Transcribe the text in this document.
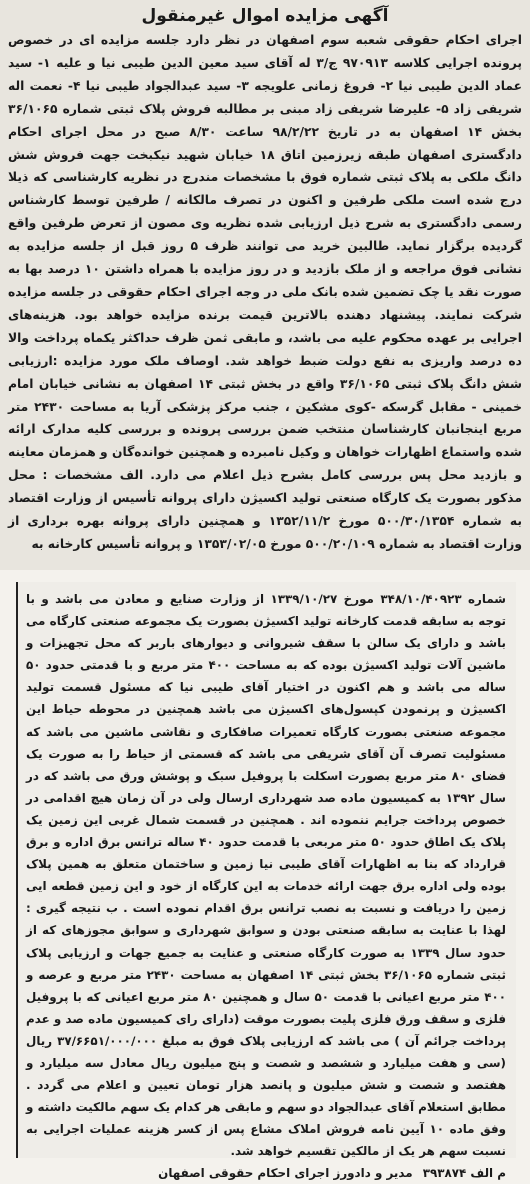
آگهی مزایده اموال غیرمنقول

اجرای احکام حقوقی شعبه سوم اصفهان در نظر دارد جلسه مزایده ای در خصوص پرونده اجرایی کلاسه ۹۷۰۹۱۳ ج/۳ له آقای سید معین الدین طیبی نیا و علیه ۱- سید عماد الدین طیبی نیا ۲- فروغ زمانی علویجه ۳- سید عبدالجواد طیبی نیا ۴- نعمت اله شریفی زاد ۵- علیرضا شریفی زاد مبنی بر مطالبه فروش پلاک ثبتی شماره ۳۶/۱۰۶۵ بخش ۱۴ اصفهان به در تاریخ ۹۸/۲/۲۲ ساعت ۸/۳۰ صبح در محل اجرای احکام دادگستری اصفهان طبقه زیرزمین اتاق ۱۸ خیابان شهید نیکبخت جهت فروش شش دانگ ملکی به پلاک ثبتی شماره فوق با مشخصات مندرج در نظریه کارشناسی که ذیلا درج شده است ملکی طرفین و اکنون در تصرف مالکانه / طرفین توسط کارشناس رسمی دادگستری به شرح ذیل ارزیابی شده نظریه وی مصون از تعرض طرفین واقع گردیده برگزار نماید. طالبین خرید می توانند ظرف ۵ روز قبل از جلسه مزایده به نشانی فوق مراجعه و از ملک بازدید و در روز مزایده با همراه داشتن ۱۰ درصد بها به صورت نقد یا چک تضمین شده بانک ملی در وجه اجرای احکام حقوقی در جلسه مزایده شرکت نمایند. پیشنهاد دهنده بالاترین قیمت برنده مزایده خواهد بود. هزینه‌های اجرایی بر عهده محکوم علیه می باشد، و مابقی ثمن ظرف حداکثر یکماه پرداخت والا ده درصد واریزی به نفع دولت ضبط خواهد شد. اوصاف ملک مورد مزایده :ارزیابی شش دانگ پلاک ثبتی ۳۶/۱۰۶۵ واقع در بخش ثبتی ۱۴ اصفهان به نشانی خیابان امام خمینی - مقابل گرسکه -کوی مشکین ، جنب مرکز پزشکی آریا به مساحت ۲۴۳۰ متر مربع اینجانبان کارشناسان منتخب ضمن بررسی پرونده و بررسی کلیه مدارک ارائه شده واستماع اظهارات خواهان و وکیل نامبرده و همچنین خوانده‌گان و همزمان معاینه و بازدید محل پس بررسی کامل بشرح ذیل اعلام می دارد. الف مشخصات : محل مذکور بصورت یک کارگاه صنعتی تولید اکسیژن دارای پروانه تأسیس از وزارت اقتصاد به شماره ۵۰۰/۳۰/۱۳۵۴ مورخ ۱۳۵۲/۱۱/۲ و همچنین دارای پروانه بهره برداری از وزارت اقتصاد به شماره ۵۰۰/۲۰/۱۰۹ مورخ ۱۳۵۳/۰۲/۰۵ و پروانه تأسیس کارخانه به

شماره ۳۴۸/۱۰/۴۰۹۲۳ مورخ ۱۳۳۹/۱۰/۲۷ از وزارت صنایع و معادن می باشد و با توجه به سابقه قدمت کارخانه تولید اکسیژن بصورت یک مجموعه صنعتی کارگاه می باشد و دارای یک سالن با سقف شیروانی و دیوارهای باربر که محل تجهیزات و ماشین آلات تولید اکسیژن بوده که به مساحت ۴۰۰ متر مربع و با قدمتی حدود ۵۰ ساله می باشد و هم اکنون در اختیار آقای طیبی نیا که مسئول قسمت تولید اکسیژن و پرنمودن کپسول‌های اکسیژن می باشد همچنین در محوطه حیاط این مجموعه صنعتی بصورت کارگاه تعمیرات صافکاری و نقاشی ماشین می باشد که مسئولیت تصرف آن آقای شریفی می باشد که قسمتی از حیاط را به صورت یک فضای ۸۰ متر مربع بصورت اسکلت با پروفیل سبک و پوشش ورق می باشد که در سال ۱۳۹۲ به کمیسیون ماده صد شهرداری ارسال ولی در آن زمان هیچ اقدامی در خصوص پرداخت جرایم ننموده اند . همچنین در قسمت شمال غربی این زمین یک پلاک یک اطاق حدود ۵۰ متر مربعی با قدمت حدود ۴۰ ساله ترانس برق اداره و برق قرارداد که بنا به اظهارات آقای طیبی نیا زمین و ساختمان متعلق به همین پلاک بوده ولی اداره برق جهت ارائه خدمات به این کارگاه از خود و این زمین قطعه ایی زمین را دریافت و نسبت به نصب ترانس برق اقدام نموده است . ب نتیجه گیری : لهذا با عنایت به سابقه صنعتی بودن و سوابق شهرداری و سوابق مجوزهای که از حدود سال ۱۳۳۹ به صورت کارگاه صنعتی و عنایت به جمیع جهات و ارزیابی پلاک ثبتی شماره ۳۶/۱۰۶۵ بخش ثبتی ۱۴ اصفهان به مساحت ۲۴۳۰ متر مربع و عرصه و ۴۰۰ متر مربع اعیانی با قدمت ۵۰ سال و همچنین ۸۰ متر مربع اعیانی که با پروفیل فلزی و سقف ورق فلزی پلیت بصورت موقت (دارای رای کمیسیون ماده صد و عدم پرداخت جرائم آن ) می باشد که ارزیابی پلاک فوق به مبلغ ۳۷/۶۶۵۱/۰۰۰/۰۰۰ ریال (سی و هفت میلیارد و ششصد و شصت و پنج میلیون ریال معادل سه میلیارد و هفتصد و شصت و شش میلیون و پانصد هزار تومان تعیین و اعلام می گردد . مطابق استعلام آقای عبدالجواد دو سهم و مابقی هر کدام یک سهم مالکیت داشته و وفق ماده ۱۰ آیین نامه فروش املاک مشاع پس از کسر هزینه عملیات اجرایی به نسبت سهم هر یک از مالکین تقسیم خواهد شد.

م الف ۳۹۳۸۷۴ مدیر و دادورز اجرای احکام حقوقی اصفهان
